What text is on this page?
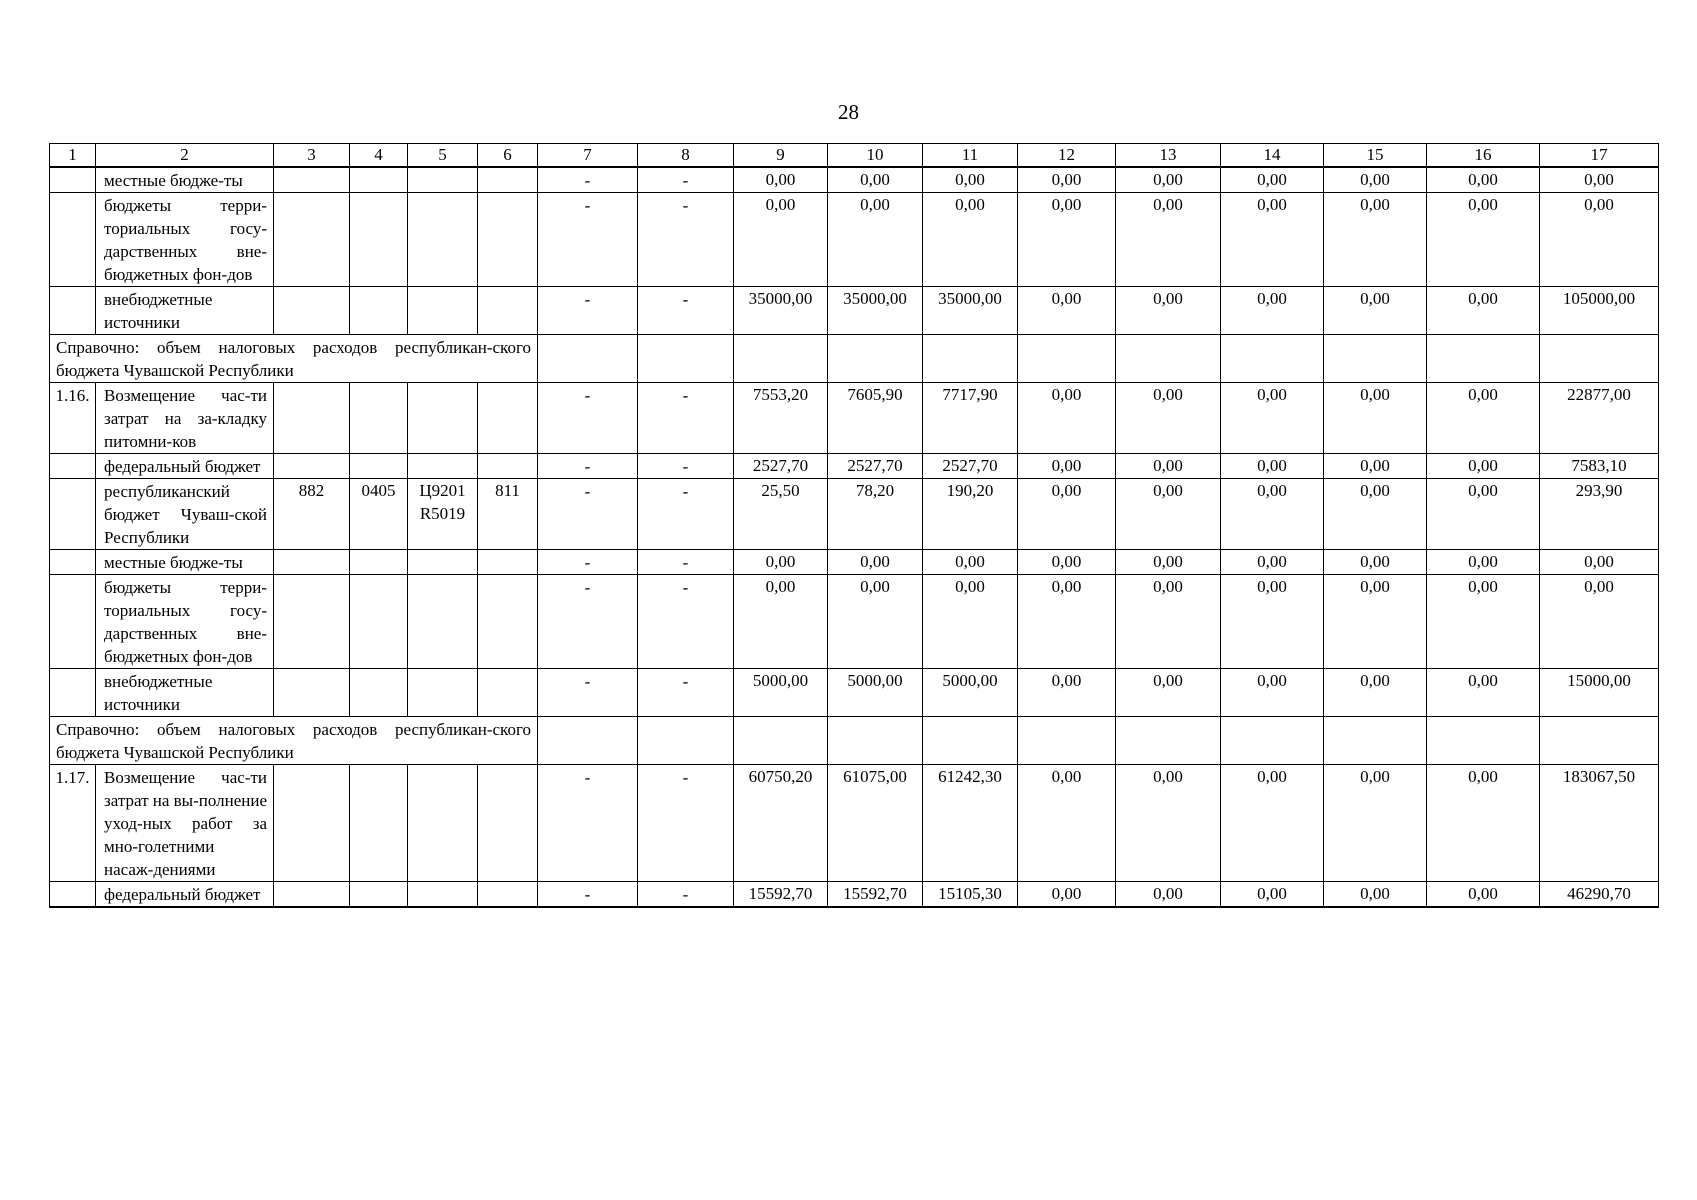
28
1	2	3	4	5	6	7	8	9	10	11	12	13	14	15	16	17
	местные бюдже-ты					-	-	0,00	0,00	0,00	0,00	0,00	0,00	0,00	0,00	0,00
	бюджеты терри-ториальных госу-дарственных вне-бюджетных фон-дов					-	-	0,00	0,00	0,00	0,00	0,00	0,00	0,00	0,00	0,00
	внебюджетные источники					-	-	35000,00	35000,00	35000,00	0,00	0,00	0,00	0,00	0,00	105000,00
Справочно: объем налоговых расходов республикан-ского бюджета Чувашской Республики																
1.16.	Возмещение час-ти затрат на за-кладку питомни-ков					-	-	7553,20	7605,90	7717,90	0,00	0,00	0,00	0,00	0,00	22877,00
	федеральный бюджет					-	-	2527,70	2527,70	2527,70	0,00	0,00	0,00	0,00	0,00	7583,10
	республиканский бюджет Чуваш-ской Республики	882	0405	Ц9201 R5019	811	-	-	25,50	78,20	190,20	0,00	0,00	0,00	0,00	0,00	293,90
	местные бюдже-ты					-	-	0,00	0,00	0,00	0,00	0,00	0,00	0,00	0,00	0,00
	бюджеты терри-ториальных госу-дарственных вне-бюджетных фон-дов					-	-	0,00	0,00	0,00	0,00	0,00	0,00	0,00	0,00	0,00
	внебюджетные источники					-	-	5000,00	5000,00	5000,00	0,00	0,00	0,00	0,00	0,00	15000,00
Справочно: объем налоговых расходов республикан-ского бюджета Чувашской Республики																
1.17.	Возмещение час-ти затрат на вы-полнение уход-ных работ за мно-голетними насаж-дениями					-	-	60750,20	61075,00	61242,30	0,00	0,00	0,00	0,00	0,00	183067,50
	федеральный бюджет					-	-	15592,70	15592,70	15105,30	0,00	0,00	0,00	0,00	0,00	46290,70
